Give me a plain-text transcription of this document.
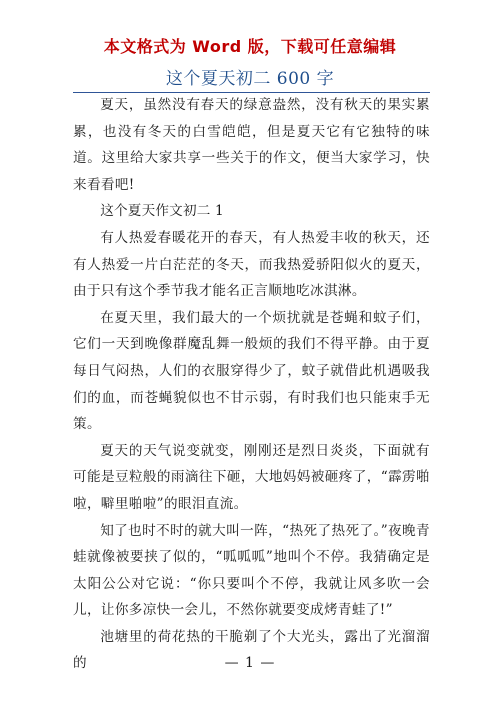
本文格式为 Word 版，下载可任意编辑
这个夏天初二 600 字

夏天，虽然没有春天的绿意盎然，没有秋天的果实累累，也没有冬天的白雪皑皑，但是夏天它有它独特的味道。这里给大家共享一些关于的作文，便当大家学习，快来看看吧!

这个夏天作文初二 1

有人热爱春暖花开的春天，有人热爱丰收的秋天，还有人热爱一片白茫茫的冬天，而我热爱骄阳似火的夏天，由于只有这个季节我才能名正言顺地吃冰淇淋。

在夏天里，我们最大的一个烦扰就是苍蝇和蚊子们，它们一天到晚像群魔乱舞一般烦的我们不得平静。由于夏每日气闷热，人们的衣服穿得少了，蚊子就借此机遇吸我们的血，而苍蝇貌似也不甘示弱，有时我们也只能束手无策。

夏天的天气说变就变，刚刚还是烈日炎炎，下面就有可能是豆粒般的雨滴往下砸，大地妈妈被砸疼了，“霹雳啪啦，噼里啪啦”的眼泪直流。

知了也时不时的就大叫一阵，“热死了热死了。”夜晚青蛙就像被要挟了似的，“呱呱呱”地叫个不停。我猜确定是太阳公公对它说：“你只要叫个不停，我就让风多吹一会儿，让你多凉快一会儿，不然你就要变成烤青蛙了!”

池塘里的荷花热的干脆剃了个大光头，露出了光溜溜的	— 1 —
